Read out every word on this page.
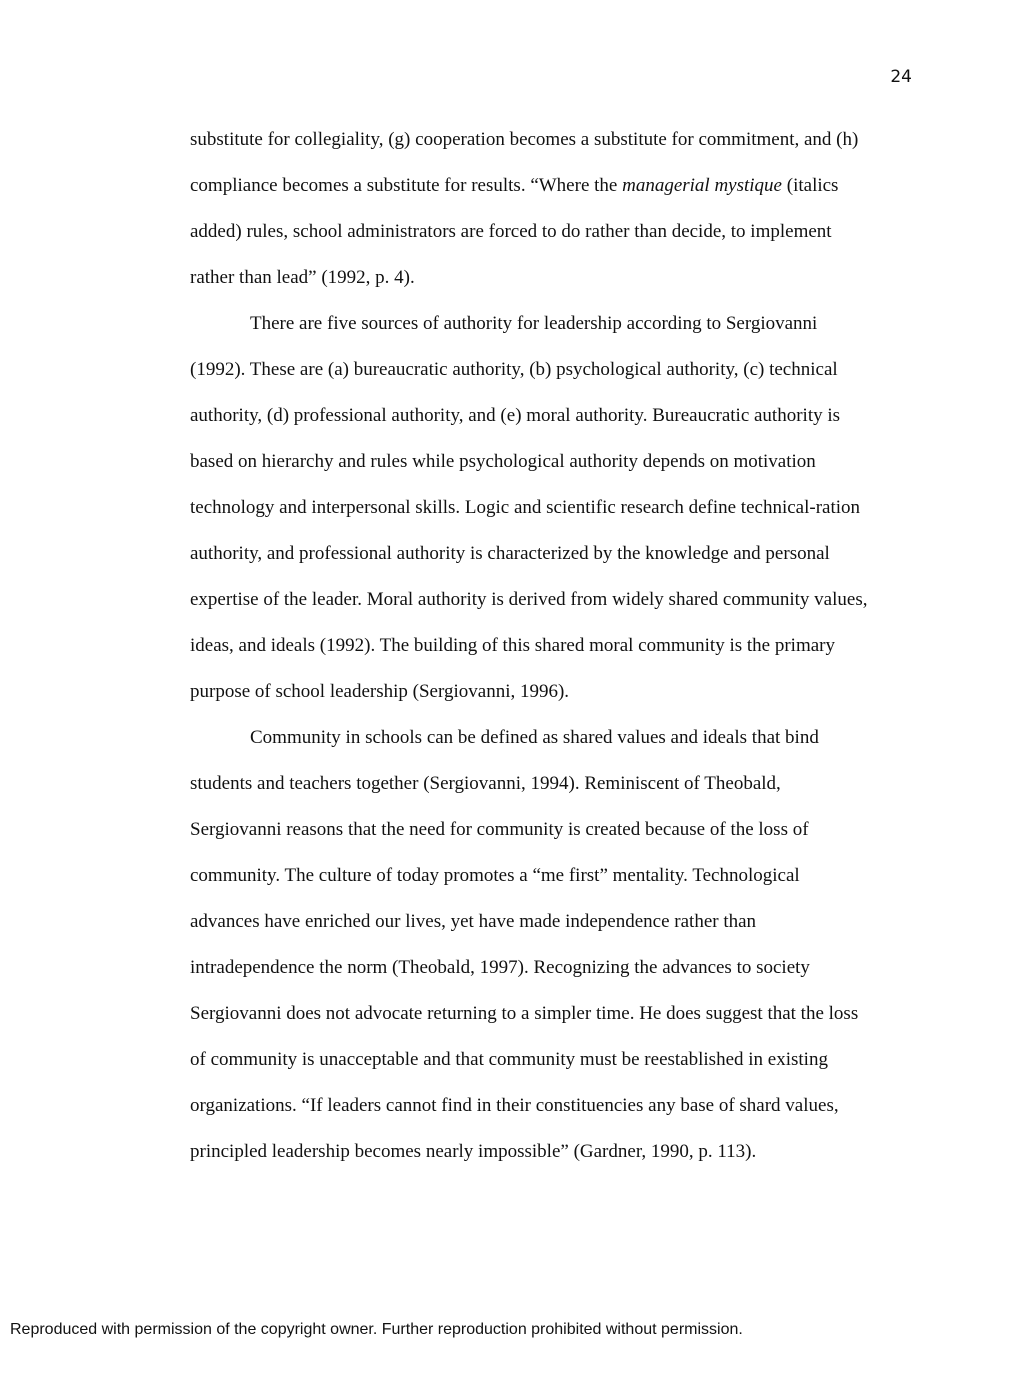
24

substitute for collegiality, (g) cooperation becomes a substitute for commitment, and (h)

compliance becomes a substitute for results. “Where the managerial mystique (italics

added) rules, school administrators are forced to do rather than decide, to implement

rather than lead” (1992, p. 4).

There are five sources of authority for leadership according to Sergiovanni

(1992). These are (a) bureaucratic authority, (b) psychological authority, (c) technical

authority, (d) professional authority, and (e) moral authority. Bureaucratic authority is

based on hierarchy and rules while psychological authority depends on motivation

technology and interpersonal skills. Logic and scientific research define technical-ration

authority, and professional authority is characterized by the knowledge and personal

expertise of the leader. Moral authority is derived from widely shared community values,

ideas, and ideals (1992). The building of this shared moral community is the primary

purpose of school leadership (Sergiovanni, 1996).

Community in schools can be defined as shared values and ideals that bind

students and teachers together (Sergiovanni, 1994). Reminiscent of Theobald,

Sergiovanni reasons that the need for community is created because of the loss of

community. The culture of today promotes a “me first” mentality. Technological

advances have enriched our lives, yet have made independence rather than

intradependence the norm (Theobald, 1997). Recognizing the advances to society

Sergiovanni does not advocate returning to a simpler time. He does suggest that the loss

of community is unacceptable and that community must be reestablished in existing

organizations. “If leaders cannot find in their constituencies any base of shard values,

principled leadership becomes nearly impossible” (Gardner, 1990, p. 113).

Reproduced with permission of the copyright owner. Further reproduction prohibited without permission.
